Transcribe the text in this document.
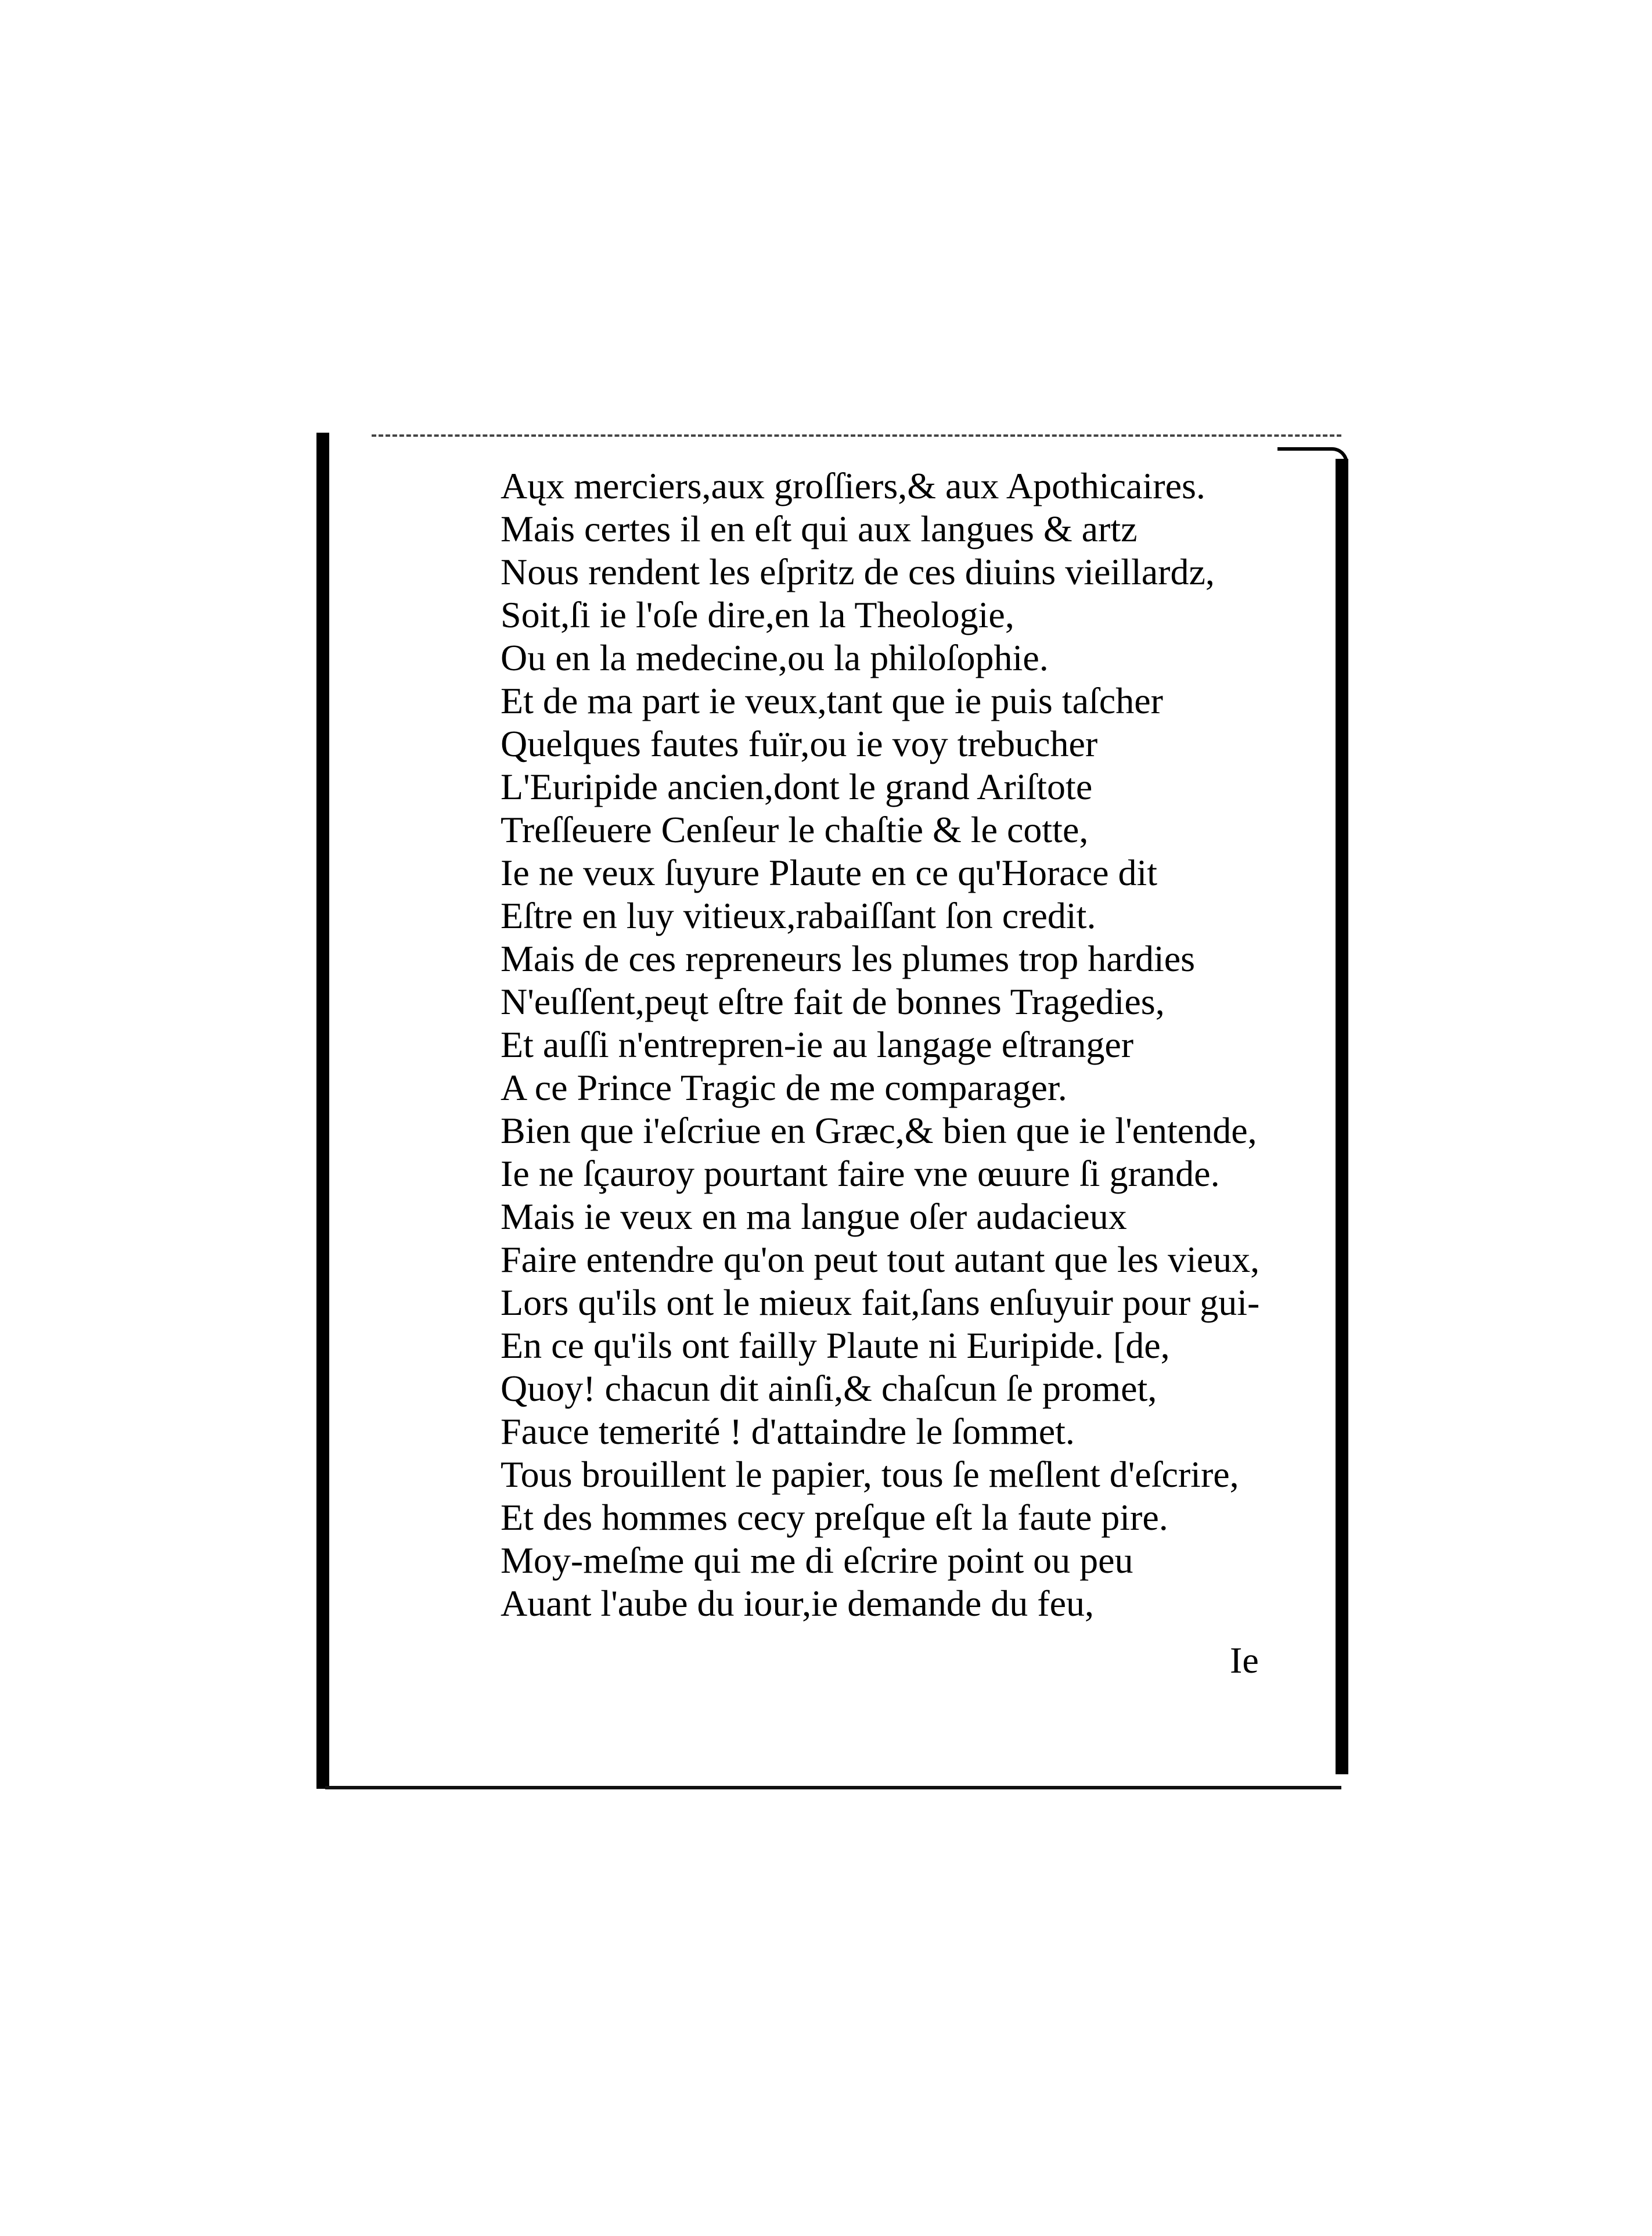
Aųx merciers,aux groſſiers,& aux Apothicaires.
Mais certes il en eſt qui aux langues & artz
Nous rendent les eſpritz de ces diuins vieillardz,
Soit,ſi ie l'oſe dire,en la Theologie,
Ou en la medecine,ou la philoſophie.
Et de ma part ie veux,tant que ie puis taſcher
Quelques fautes fuïr,ou ie voy trebucher
L'Euripide ancien,dont le grand Ariſtote
Treſſeuere Cenſeur le chaſtie & le cotte,
Ie ne veux ſuyure Plaute en ce qu'Horace dit
Eſtre en luy vitieux,rabaiſſant ſon credit.
Mais de ces repreneurs les plumes trop hardies
N'euſſent,peųt eſtre fait de bonnes Tragedies,
Et auſſi n'entrepren-ie au langage eſtranger
A ce Prince Tragic de me comparager.
Bien que i'eſcriue en Græc,& bien que ie l'entende,
Ie ne ſçauroy pourtant faire vne œuure ſi grande.
Mais ie veux en ma langue oſer audacieux
Faire entendre qu'on peut tout autant que les vieux,
Lors qu'ils ont le mieux fait,ſans enſuyuir pour gui-
En ce qu'ils ont failly Plaute ni Euripide. [de,
Quoy! chacun dit ainſi,& chaſcun ſe promet,
Fauce temerité ! d'attaindre le ſommet.
Tous brouillent le papier, tous ſe meſlent d'eſcrire,
Et des hommes cecy preſque eſt la faute pire.
Moy-meſme qui me di eſcrire point ou peu
Auant l'aube du iour,ie demande du feu,
Ie
